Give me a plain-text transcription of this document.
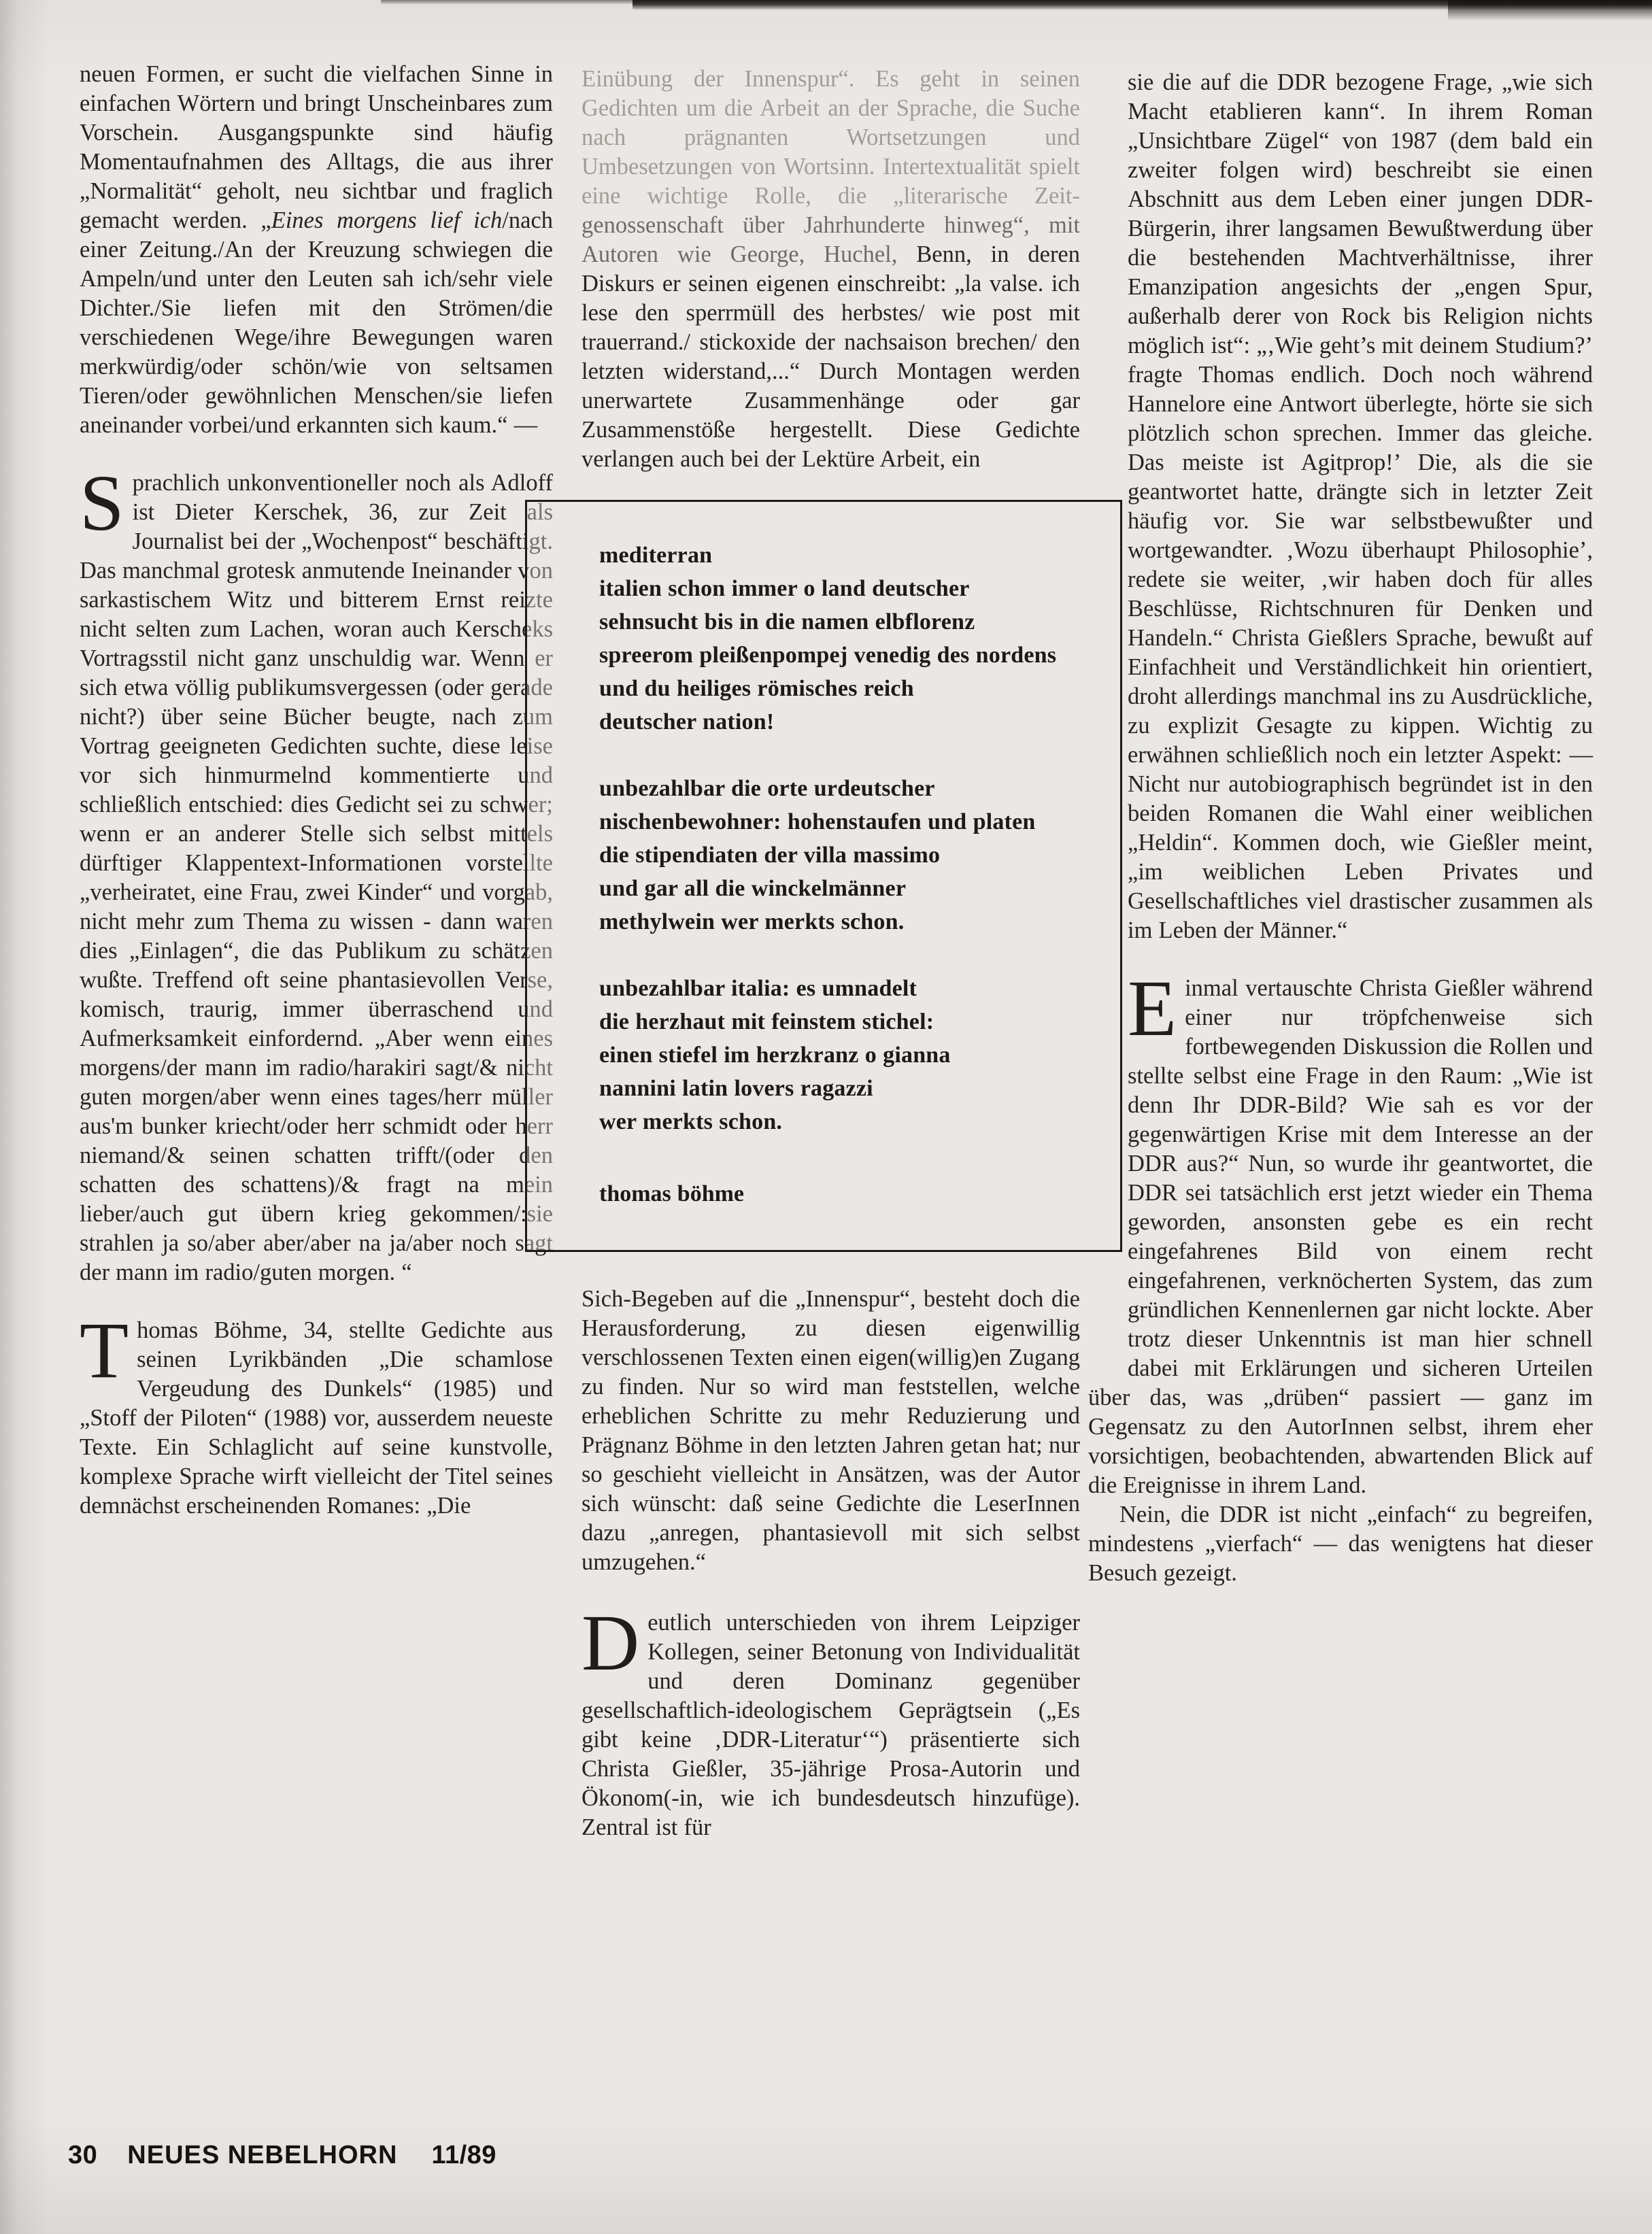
neuen Formen, er sucht die vielfachen Sinne in einfachen Wörtern und bringt Unscheinbares zum Vorschein. Ausgangspunkte sind häufig Momentaufnahmen des Alltags, die aus ihrer „Normalität“ geholt, neu sichtbar und fraglich gemacht werden. „Eines morgens lief ich/nach einer Zeitung./An der Kreuzung schwiegen die Ampeln/und unter den Leuten sah ich/sehr viele Dichter./Sie liefen mit den Strömen/die verschiedenen Wege/ihre Bewegungen waren merkwürdig/oder schön/wie von seltsamen Tieren/oder gewöhnlichen Menschen/sie liefen aneinander vorbei/und erkannten sich kaum.“ —

Sprachlich unkonventioneller noch als Adloff ist Dieter Kerschek, 36, zur Zeit als Journalist bei der „Wochenpost“ beschäftigt. Das manchmal grotesk anmutende Ineinander von sarkastischem Witz und bitterem Ernst reizte nicht selten zum Lachen, woran auch Kerscheks Vortragsstil nicht ganz unschuldig war. Wenn er sich etwa völlig publikumsvergessen (oder gerade nicht?) über seine Bücher beugte, nach zum Vortrag geeigneten Gedichten suchte, diese leise vor sich hinmurmelnd kommentierte und schließlich entschied: dies Gedicht sei zu schwer; wenn er an anderer Stelle sich selbst mittels dürftiger Klappentext-Informationen vorstellte „verheiratet, eine Frau, zwei Kinder“ und vorgab, nicht mehr zum Thema zu wissen - dann waren dies „Einlagen“, die das Publikum zu schätzen wußte. Treffend oft seine phantasievollen Verse, komisch, traurig, immer überraschend und Aufmerksamkeit einfordernd. „Aber wenn eines morgens/der mann im radio/harakiri sagt/& nicht guten morgen/aber wenn eines tages/herr müller aus'm bunker kriecht/oder herr schmidt oder herr niemand/& seinen schatten trifft/(oder den schatten des schattens)/& fragt na mein lieber/auch gut übern krieg gekommen/:sie strahlen ja so/aber aber/aber na ja/aber noch sagt der mann im radio/guten morgen. “

Thomas Böhme, 34, stellte Gedichte aus seinen Lyrikbänden „Die schamlose Vergeudung des Dunkels“ (1985) und „Stoff der Piloten“ (1988) vor, ausserdem neueste Texte. Ein Schlaglicht auf seine kunstvolle, komplexe Sprache wirft vielleicht der Titel seines demnächst erscheinenden Romanes: „Die

Einübung der Innenspur“. Es geht in seinen Gedichten um die Arbeit an der Sprache, die Suche nach prägnanten Wortsetzungen und Umbesetzungen von Wortsinn. Intertextualität spielt eine wichtige Rolle, die „literarische Zeit-genossenschaft über Jahrhunderte hinweg“, mit Autoren wie George, Huchel, Benn, in deren Diskurs er seinen eigenen einschreibt: „la valse. ich lese den sperrmüll des herbstes/ wie post mit trauerrand./ stickoxide der nachsaison brechen/ den letzten widerstand,...“ Durch Montagen werden unerwartete Zusammenhänge oder gar Zusammenstöße hergestellt. Diese Gedichte verlangen auch bei der Lektüre Arbeit, ein

mediterran
italien schon immer o land deutscher
sehnsucht bis in die namen elbflorenz
spreerom pleißenpompej venedig des nordens
und du heiliges römisches reich
deutscher nation!
unbezahlbar die orte urdeutscher
nischenbewohner: hohenstaufen und platen
die stipendiaten der villa massimo
und gar all die winckelmänner
methylwein wer merkts schon.
unbezahlbar italia: es umnadelt
die herzhaut mit feinstem stichel:
einen stiefel im herzkranz o gianna
nannini latin lovers ragazzi
wer merkts schon.
thomas böhme

Sich-Begeben auf die „Innenspur“, besteht doch die Herausforderung, zu diesen eigenwillig verschlossenen Texten einen eigen(willig)en Zugang zu finden. Nur so wird man feststellen, welche erheblichen Schritte zu mehr Reduzierung und Prägnanz Böhme in den letzten Jahren getan hat; nur so geschieht vielleicht in Ansätzen, was der Autor sich wünscht: daß seine Gedichte die LeserInnen dazu „anregen, phantasievoll mit sich selbst umzugehen.“

Deutlich unterschieden von ihrem Leipziger Kollegen, seiner Betonung von Individualität und deren Dominanz gegenüber gesellschaftlich-ideologischem Geprägtsein („Es gibt keine ‚DDR-Literatur‘“) präsentierte sich Christa Gießler, 35-jährige Prosa-Autorin und Ökonom(-in, wie ich bundesdeutsch hinzufüge). Zentral ist für

sie die auf die DDR bezogene Frage, „wie sich Macht etablieren kann“. In ihrem Roman „Unsichtbare Zügel“ von 1987 (dem bald ein zweiter folgen wird) beschreibt sie einen Abschnitt aus dem Leben einer jungen DDR-Bürgerin, ihrer langsamen Bewußtwerdung über die bestehenden Machtverhältnisse, ihrer Emanzipation angesichts der „engen Spur, außerhalb derer von Rock bis Religion nichts möglich ist“: „‚Wie geht’s mit deinem Studium?’ fragte Thomas endlich. Doch noch während Hannelore eine Antwort überlegte, hörte sie sich plötzlich schon sprechen. Immer das gleiche. Das meiste ist Agitprop!’ Die, als die sie geantwortet hatte, drängte sich in letzter Zeit häufig vor. Sie war selbstbewußter und wortgewandter. ‚Wozu überhaupt Philosophie’, redete sie weiter, ‚wir haben doch für alles Beschlüsse, Richtschnuren für Denken und Handeln.“ Christa Gießlers Sprache, bewußt auf Einfachheit und Verständlichkeit hin orientiert, droht allerdings manchmal ins zu Ausdrückliche, zu explizit Gesagte zu kippen. Wichtig zu erwähnen schließlich noch ein letzter Aspekt: — Nicht nur autobiographisch begründet ist in den beiden Romanen die Wahl einer weiblichen „Heldin“. Kommen doch, wie Gießler meint, „im weiblichen Leben Privates und Gesellschaftliches viel drastischer zusammen als im Leben der Männer.“

Einmal vertauschte Christa Gießler während einer nur tröpfchenweise sich fortbewegenden Diskussion die Rollen und stellte selbst eine Frage in den Raum: „Wie ist denn Ihr DDR-Bild? Wie sah es vor der gegenwärtigen Krise mit dem Interesse an der DDR aus?“ Nun, so wurde ihr geantwortet, die DDR sei tatsächlich erst jetzt wieder ein Thema geworden, ansonsten gebe es ein recht eingefahrenes Bild von einem recht eingefahrenen, verknöcherten System, das zum gründlichen Kennenlernen gar nicht lockte. Aber trotz dieser Unkenntnis ist man hier schnell dabei mit Erklärungen und sicheren Urteilen über das, was „drüben“ passiert — ganz im Gegensatz zu den AutorInnen selbst, ihrem eher vorsichtigen, beobachtenden, abwartenden Blick auf die Ereignisse in ihrem Land.

Nein, die DDR ist nicht „einfach“ zu begreifen, mindestens „vierfach“ — das wenigtens hat dieser Besuch gezeigt.

30 NEUES NEBELHORN 11/89
